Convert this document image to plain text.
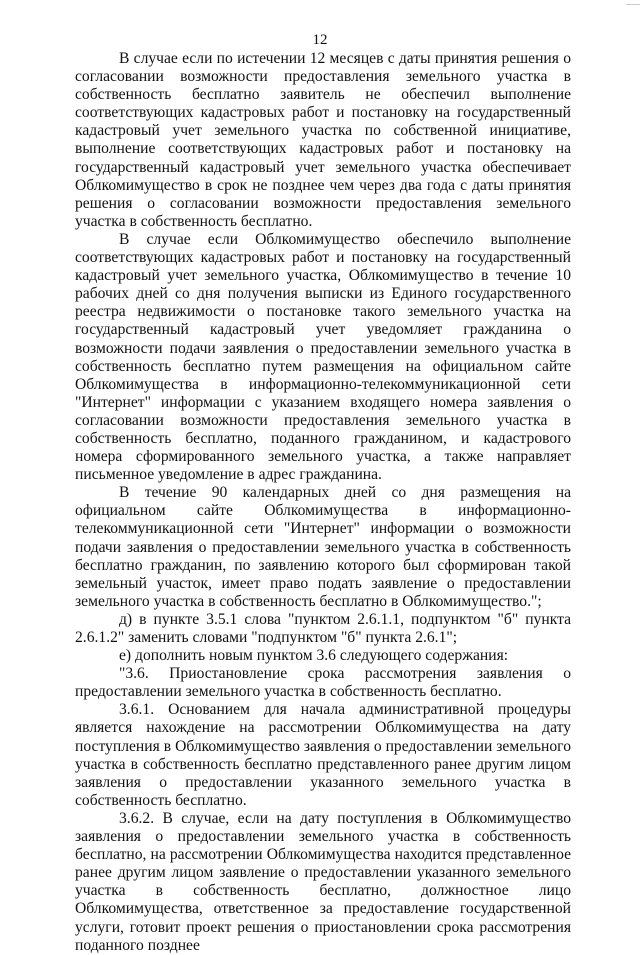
12

В случае если по истечении 12 месяцев с даты принятия решения о согласовании возможности предоставления земельного участка в собственность бесплатно заявитель не обеспечил выполнение соответствующих кадастровых работ и постановку на государственный кадастровый учет земельного участка по собственной инициативе, выполнение соответствующих кадастровых работ и постановку на государственный кадастровый учет земельного участка обеспечивает Облкомимущество в срок не позднее чем через два года с даты принятия решения о согласовании возможности предоставления земельного участка в собственность бесплатно.

В случае если Облкомимущество обеспечило выполнение соответствующих кадастровых работ и постановку на государственный кадастровый учет земельного участка, Облкомимущество в течение 10 рабочих дней со дня получения выписки из Единого государственного реестра недвижимости о постановке такого земельного участка на государственный кадастровый учет уведомляет гражданина о возможности подачи заявления о предоставлении земельного участка в собственность бесплатно путем размещения на официальном сайте Облкомимущества в информационно-телекоммуникационной сети "Интернет" информации с указанием входящего номера заявления о согласовании возможности предоставления земельного участка в собственность бесплатно, поданного гражданином, и кадастрового номера сформированного земельного участка, а также направляет письменное уведомление в адрес гражданина.

В течение 90 календарных дней со дня размещения на официальном сайте Облкомимущества в информационно-телекоммуникационной сети "Интернет" информации о возможности подачи заявления о предоставлении земельного участка в собственность бесплатно гражданин, по заявлению которого был сформирован такой земельный участок, имеет право подать заявление о предоставлении земельного участка в собственность бесплатно в Облкомимущество.";

д) в пункте 3.5.1 слова "пунктом 2.6.1.1, подпунктом "б" пункта 2.6.1.2" заменить словами "подпунктом "б" пункта 2.6.1";

е) дополнить новым пунктом 3.6 следующего содержания:

"3.6. Приостановление срока рассмотрения заявления о предоставлении земельного участка в собственность бесплатно.

3.6.1. Основанием для начала административной процедуры является нахождение на рассмотрении Облкомимущества на дату поступления в Облкомимущество заявления о предоставлении земельного участка в собственность бесплатно представленного ранее другим лицом заявления о предоставлении указанного земельного участка в собственность бесплатно.

3.6.2. В случае, если на дату поступления в Облкомимущество заявления о предоставлении земельного участка в собственность бесплатно, на рассмотрении Облкомимущества находится представленное ранее другим лицом заявление о предоставлении указанного земельного участка в собственность бесплатно, должностное лицо Облкомимущества, ответственное за предоставление государственной услуги, готовит проект решения о приостановлении срока рассмотрения поданного позднее
